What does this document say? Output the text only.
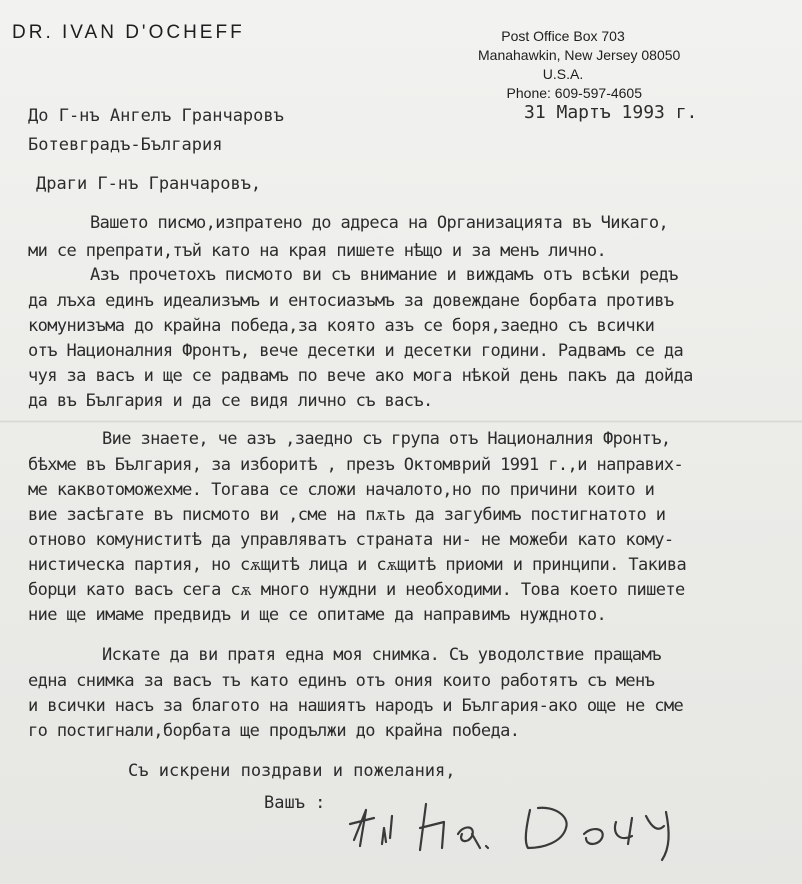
DR. IVAN D'OCHEFF	Post Office Box 703
Manahawkin, New Jersey 08050
U.S.A.
Phone: 609-597-4605
До Г-нъ Ангелъ Гранчаровъ
Ботевградъ-България
31 Мартъ 1993 г.
Драги Г-нъ Гранчаровъ,
Вашето писмо,изпратено до адреса на Организацията въ Чикаго,
ми се препрати,тъй като на края пишете нѣщо и за менъ лично.
Азъ прочетохъ писмото ви съ внимание и виждамъ отъ всѣки редъ
да лъха единъ идеализъмъ и ентосиазъмъ за довеждане борбата противъ
комунизъма до крайна победа,за която азъ се боря,заедно съ всички
отъ Националния Фронтъ, вече десетки и десетки години. Радвамъ се да
чуя за васъ и ще се радвамъ по вече ако мога нѣкой день пакъ да дойда
да въ България и да се видя лично съ васъ.
Вие знаете, че азъ ,заедно съ група отъ Националния Фронтъ,
бѣхме въ България, за изборитѣ , презъ Октомврий 1991 г.,и направих-
ме каквотоможехме. Тогава се сложи началото,но по причини които и
вие засѣгате въ писмото ви ,сме на пѫть да загубимъ постигнатото и
отново комуниститѣ да управляватъ страната ни- не можеби като кому-
нистическа партия, но сѫщитѣ лица и сѫщитѣ приоми и принципи. Такива
борци като васъ сега сѫ много нуждни и необходими. Това което пишете
ние ще имаме предвидъ и ще се опитаме да направимъ нуждното.
Искате да ви пратя една моя снимка. Съ уводолствие пращамъ
една снимка за васъ тъ като единъ отъ ония които работятъ съ менъ
и всички насъ за благото на нашиятъ народъ и България-ако още не сме
го постигнали,борбата ще продължи до крайна победа.
Съ искрени поздрави и пожелания,
Вашъ :
